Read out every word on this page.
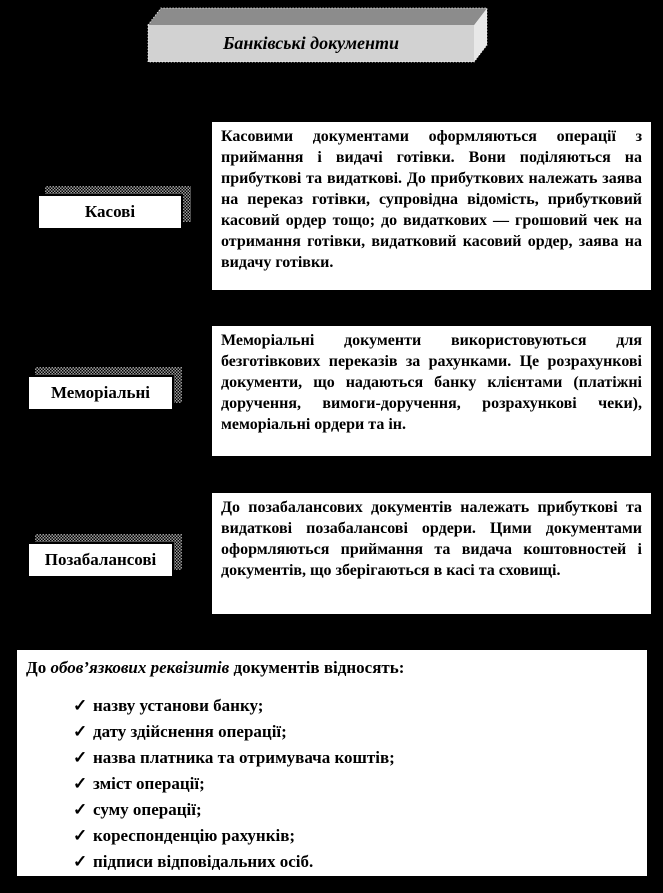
Банківські документи
Касові
Касовими документами оформляються операції з приймання і видачі готівки. Вони поділяються на прибуткові та видаткові. До прибуткових належать заява на переказ готівки, супровідна відомість, прибутковий касовий ордер тощо; до видаткових — грошовий чек на отримання готівки, видатковий касовий ордер, заява на видачу готівки.
Меморіальні
Меморіальні документи використовуються для безготівкових переказів за рахунками. Це розрахункові документи, що надаються банку клієнтами (платіжні доручення, вимоги-доручення, розрахункові чеки), меморіальні ордери та ін.
Позабалансові
До позабалансових документів належать прибуткові та видаткові позабалансові ордери. Цими документами оформляються приймання та видача коштовностей і документів, що зберігаються в касі та сховищі.
До обов’язкових реквізитів документів відносять:
✓ назву установи банку;
✓ дату здійснення операції;
✓ назва платника та отримувача коштів;
✓ зміст операції;
✓ суму операції;
✓ кореспонденцію рахунків;
✓ підписи відповідальних осіб.
